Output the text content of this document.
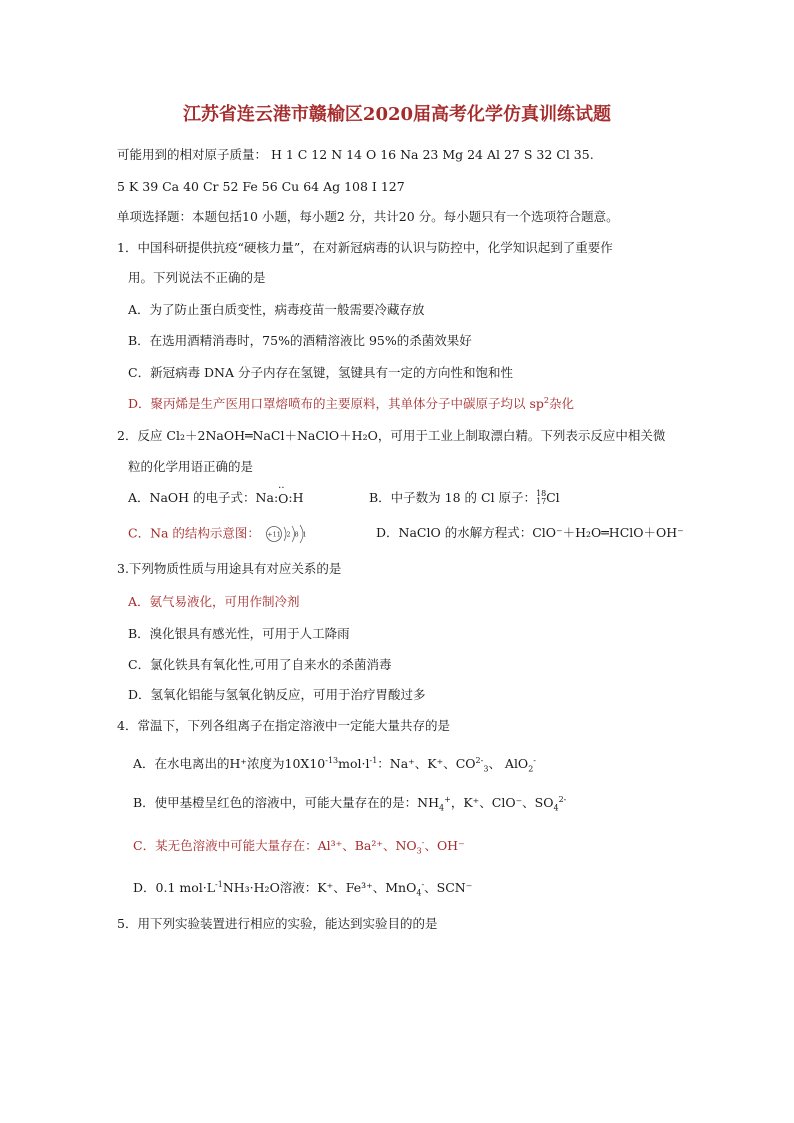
江苏省连云港市赣榆区2020届高考化学仿真训练试题
可能用到的相对原子质量： H 1 C 12 N 14 O 16 Na 23 Mg 24 Al 27 S 32 Cl 35.
5 K 39 Ca 40 Cr 52 Fe 56 Cu 64 Ag 108 I 127
单项选择题：本题包括10 小题，每小题2 分，共计20 分。每小题只有一个选项符合题意。
1．中国科研提供抗疫“硬核力量”，在对新冠病毒的认识与防控中，化学知识起到了重要作
用。下列说法不正确的是
A．为了防止蛋白质变性，病毒疫苗一般需要冷藏存放
B．在选用酒精消毒时，75%的酒精溶液比 95%的杀菌效果好
C．新冠病毒 DNA 分子内存在氢键，氢键具有一定的方向性和饱和性
D．聚丙烯是生产医用口罩熔喷布的主要原料，其单体分子中碳原子均以 $sp^2$杂化
2．反应 Cl₂＋2NaOH═NaCl＋NaClO＋H₂O，可用于工业上制取漂白精。下列表示反应中相关微
粒的化学用语正确的是
A．NaOH 的电子式：Na:
··
O:H	B．中子数为 18 的 Cl 原子： 18
17 Cl
C．Na 的结构示意图： +11 2 8 1	D．NaClO 的水解方程式：ClO⁻＋H₂O═HClO＋OH⁻
3.下列物质性质与用途具有对应关系的是
A．氨气易液化，可用作制冷剂
B．溴化银具有感光性，可用于人工降雨
C．氯化铁具有氧化性,可用了自来水的杀菌消毒
D．氢氧化铝能与氢氧化钠反应，可用于治疗胃酸过多
4．常温下，下列各组离子在指定溶液中一定能大量共存的是
A．在水电离出的H⁺浓度为$10X10^{-13}mol\cdot l^{-1}$：Na⁺、K⁺、$CO^{2-}_3$、 AlO$_2$-
B．使甲基橙呈红色的溶液中，可能大量存在的是：$NH_4^+$，K⁺、ClO⁻、$SO_4^{2-}$
C．某无色溶液中可能大量存在：Al³⁺、Ba²⁺、$NO_3^-$、OH⁻
D．0.1 $mol\cdot L^{-1}NH_3\cdot H_2O$溶液：K⁺、Fe³⁺、MnO$_4$-、SCN⁻
5．用下列实验装置进行相应的实验，能达到实验目的的是
